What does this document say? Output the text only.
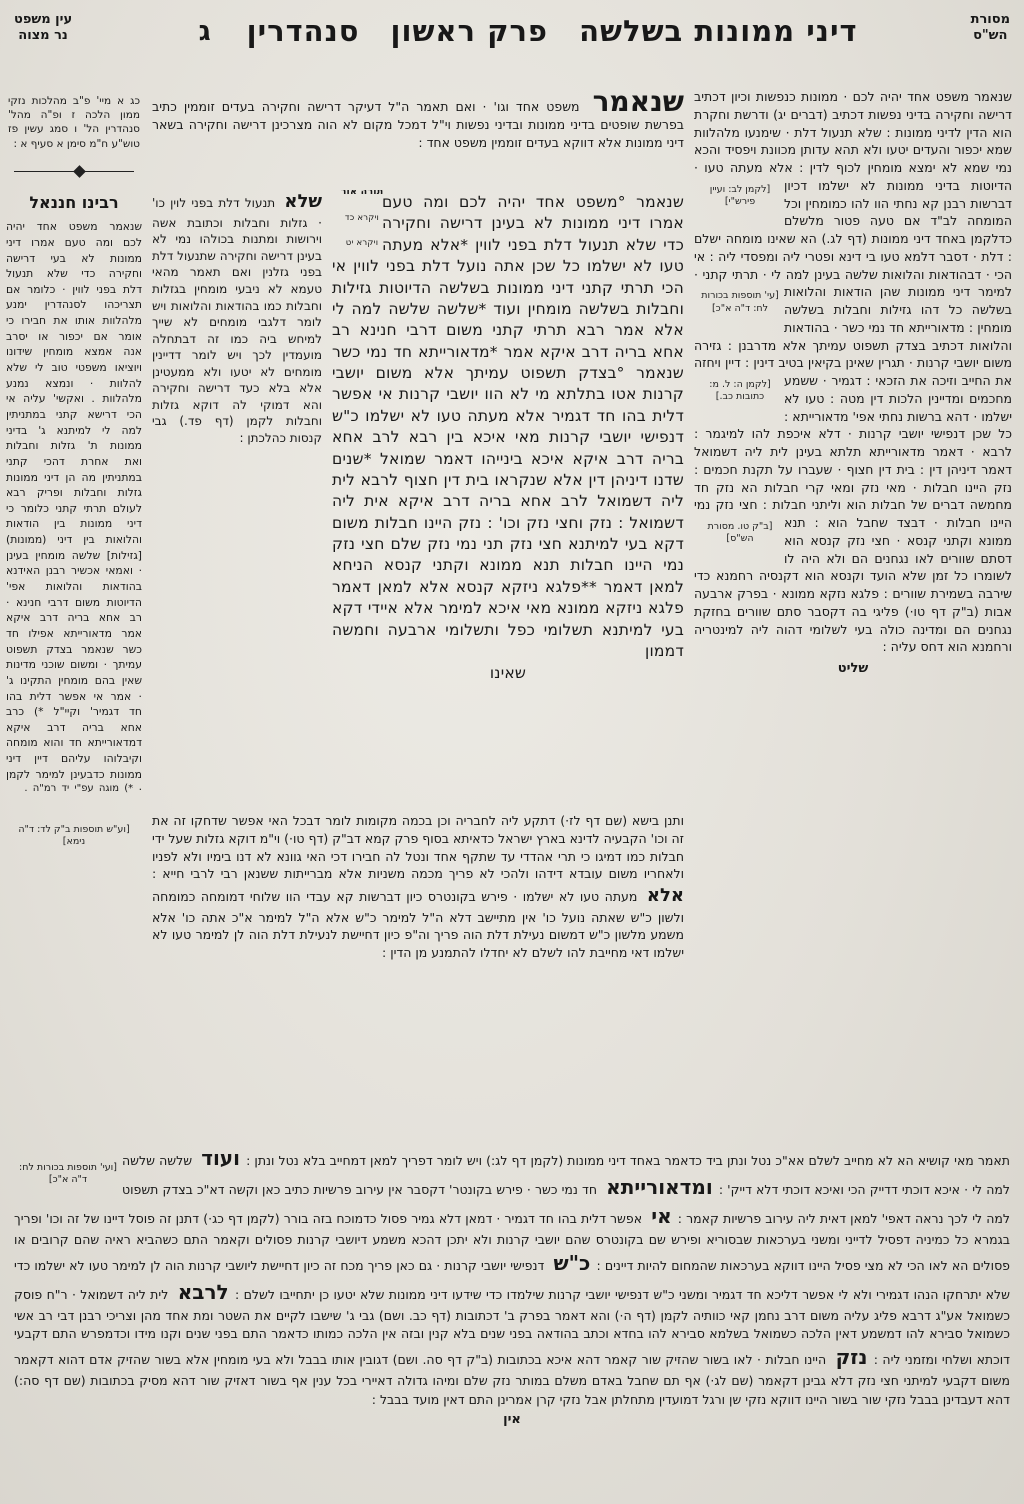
מסורת
הש"ס
דיני ממונות בשלשה פרק ראשון סנהדרין
ג
עין משפט
נר מצוה
שנאמר משפט אחד יהיה לכם · ממונות כנפשות וכיון דכתיב דרישה וחקירה בדיני נפשות דכתיב (דברים יג) ודרשת וחקרת הוא הדין לדיני ממונות : שלא תנעול דלת · שימנעו מלהלוות שמא יכפור והעדים יטעו ולא תהא עדותן מכוונת ויפסיד והכא נמי שמא לא ימצא מומחין לכוף לדין : אלא מעתה
[לקמן לב: ועיין פירש"י]
טעו · הדיוטות בדיני ממונות לא ישלמו דכיון דברשות רבנן קא נחתי הוו להו כמומחין וכל המומחה לב"ד אם טעה פטור מלשלם כדלקמן באחד דיני ממונות (דף לג.) הא שאינו מומחה ישלם : דלת · דסבר דלמא טעו בי דינא ופטרי ליה ומפסדי ליה : אי הכי · דבהודאות והלואות שלשה בעינן למה לי · תרתי קתני ·
[עי' תוספות בכורות לח: ד"ה א"כ]
למימר דיני ממונות שהן הודאות והלואות בשלשה כל דהו גזילות וחבלות בשלשה מומחין : מדאורייתא חד נמי כשר · בהודאות והלואות דכתיב בצדק תשפוט עמיתך אלא מדרבנן : גזירה משום יושבי קרנות · תגרין שאינן בקיאין בטיב דינין :
[לקמן ה: ל. מ: כתובות כב.]
דיין ויחזה את החייב וזיכה את הזכאי : דגמיר · ששמע מחכמים ומדיינין הלכות דין מטה : טעו לא ישלמו · דהא ברשות נחתי אפי' מדאורייתא : כל שכן דנפישי יושבי קרנות · דלא איכפת להו למיגמר : לרבא · דאמר מדאורייתא תלתא בעינן לית ליה דשמואל דאמר דיניהן דין : בית דין חצוף · שעברו על תקנת חכמים : נזק היינו חבלות · מאי נזק ומאי קרי חבלות הא נזק חד מחמשה דברים של חבלות הוא וליתני חבלות :
[ב"ק טו. מסורת הש"ס]
חצי נזק נמי היינו חבלות · דבצד שחבל הוא : תנא ממונא וקתני קנסא · חצי נזק קנסא הוא דסתם שוורים לאו נגחנים הם ולא היה לו לשומרו כל זמן שלא הועד וקנסא הוא דקנסיה רחמנא כדי שירבה בשמירת שוורים : פלגא נזקא ממונא · בפרק ארבעה אבות (ב"ק דף טו·) פליגי בה דקסבר סתם שוורים בחזקת נגחנים הם ומדינה כולה בעי לשלומי דהוה ליה למינטריה ורחמנא הוא דחס עליה :
שליט
שנאמר משפט אחד וגו' · ואם תאמר ה"ל דעיקר דרישה וחקירה בעדים זוממין כתיב בפרשת שופטים בדיני ממונות ובדיני נפשות וי"ל דמכל מקום לא הוה מצרכינן דרישה וחקירה בשאר דיני ממונות אלא דווקא בעדים זוממין משפט אחד :
תורה אור
ויקרא כד
ויקרא יט
שנאמר °משפט אחד יהיה לכם ומה טעם אמרו דיני ממונות לא בעינן דרישה וחקירה כדי שלא תנעול דלת בפני לווין *אלא מעתה טעו לא ישלמו כל שכן אתה נועל דלת בפני לווין אי הכי תרתי קתני דיני ממונות בשלשה הדיוטות גזילות וחבלות בשלשה מומחין ועוד *שלשה שלשה למה לי אלא אמר רבא תרתי קתני משום דרבי חנינא רב אחא בריה דרב איקא אמר *מדאורייתא חד נמי כשר שנאמר °בצדק תשפוט עמיתך אלא משום יושבי קרנות אטו בתלתא מי לא הוו יושבי קרנות אי אפשר דלית בהו חד דגמיר אלא מעתה טעו לא ישלמו כ"ש דנפישי יושבי קרנות מאי איכא בין רבא לרב אחא בריה דרב איקא איכא בינייהו דאמר שמואל *שנים שדנו דיניהן דין אלא שנקראו בית דין חצוף לרבא לית ליה דשמואל לרב אחא בריה דרב איקא אית ליה דשמואל : נזק וחצי נזק וכו' : נזק היינו חבלות משום דקא בעי למיתנא חצי נזק תני נמי נזק שלם חצי נזק נמי היינו חבלות תנא ממונא וקתני קנסא הניחא למאן דאמר **פלגא ניזקא קנסא אלא למאן דאמר פלגא ניזקא ממונא מאי איכא למימר אלא איידי דקא בעי למיתנא תשלומי כפל ותשלומי ארבעה וחמשה דממון
שאינו
שלא תנעול דלת בפני לוין כו' · גזלות וחבלות וכתובת אשה וירושות ומתנות בכולהו נמי לא בעינן דרישה וחקירה שתנעול דלת בפני גזלנין ואם תאמר מהאי טעמא לא ניבעי מומחין בגזלות וחבלות כמו בהודאות והלואות ויש לומר דלגבי מומחים לא שייך למיחש ביה כמו זה דבתחלה מועמדין לכך ויש לומר דדיינין מומחים לא יטעו ולא ממעטינן אלא בלא כעד דרישה וחקירה והא דמוקי לה דוקא גזלות וחבלות לקמן (דף פד.) גבי קנסות כהלכתן :
ותנן בישא (שם דף לז·) דתקע ליה לחבריה וכן בכמה מקומות לומר דבכל האי אפשר שדחקו זה את זה וכו' הקבעיה לדינא בארץ ישראל כדאיתא בסוף פרק קמא דב"ק (דף טו·) וי"מ דוקא גזלות שעל ידי חבלות כמו דמיגו כי תרי אהדדי עד שתקף אחד ונטל לה חבירו דכי האי גוונא לא דנו בימיו ולא לפניו ולאחריו משום עובדא דידהו ולהכי לא פריך מכמה משניות אלא מברייתות ששנאן רבי לרבי חייא : אלא מעתה טעו לא ישלמו · פירש בקונטרס כיון דברשות קא עבדי הוו שלוחי דמומחה כמומחה ולשון כ"ש שאתה נועל כו' אין מתיישב דלא ה"ל למימר כ"ש אלא ה"ל למימר א"כ אתה כו' אלא משמע מלשון כ"ש דמשום נעילת דלת הוה פריך וה"פ כיון דחיישת לנעילת דלת הוה לן למימר טעו לא ישלמו דאי מחייבת להו לשלם לא יחדלו להתמנע מן הדין :
כג א מיי' פ"ב מהלכות נזקי ממון הלכה ז ופ"ה מהל' סנהדרין הל' ו סמג עשין פז טוש"ע ח"מ סימן א סעיף א :
רבינו חננאל
שנאמר משפט אחד יהיה לכם ומה טעם אמרו דיני ממונות לא בעי דרישה וחקירה כדי שלא תנעול דלת בפני לווין · כלומר אם תצריכהו לסנהדרין ימנע מלהלוות אותו את חבירו כי אומר אם יכפור או יסרב אנה אמצא מומחין שידונו ויוציאו משפטי טוב לי שלא להלוות · ונמצא נמנע מלהלוות . ואקשי' עליה אי הכי דרישא קתני במתניתין למה לי למיתנא ג' בדיני ממונות ת' גזלות וחבלות ואת אחרת דהכי קתני במתניתין מה הן דיני ממונות גזלות וחבלות ופריק רבא לעולם תרתי קתני כלומר כי דיני ממונות בין הודאות והלואות בין דיני (ממונות) [גזילות] שלשה מומחין בעינן · ואמאי אכשיר רבנן האידנא בהודאות והלואות אפי' הדיוטות משום דרבי חנינא · רב אחא בריה דרב איקא אמר מדאורייתא אפילו חד כשר שנאמר בצדק תשפוט עמיתך · ומשום שוכני מדינות שאין בהם מומחין התקינו ג' · אמר אי אפשר דלית בהו חד דגמיר' וקיי"ל *) כרב אחא בריה דרב איקא דמדאורייתא חד והוא מומחה וקיבלוהו עליהם דיין דיני ממונות כדבעינן למימר לקמן · *) מוגה עפ"י יד רמ"ה .
[וע"ש תוספות ב"ק לד: ד"ה נימא]
[ועי' תוספות בכורות לח: ד"ה א"כ]
תאמר מאי קושיא הא לא מחייב לשלם אא"כ נטל ונתן ביד כדאמר באחד דיני ממונות (לקמן דף לג:) ויש לומר דפריך למאן דמחייב בלא נטל ונתן : ועוד שלשה שלשה למה לי · איכא דוכתי דדייק הכי ואיכא דוכתי דלא דייק' : ומדאורייתא חד נמי כשר · פירש בקונטר' דקסבר אין עירוב פרשיות כתיב כאן וקשה דא"כ בצדק תשפוט למה לי לכך נראה דאפי' למאן דאית ליה עירוב פרשיות קאמר : אי אפשר דלית בהו חד דגמיר · דמאן דלא גמיר פסול כדמוכח בזה בורר (לקמן דף כג·) דתנן זה פוסל דיינו של זה וכו' ופריך בגמרא כל כמיניה דפסיל לדייני ומשני בערכאות שבסוריא ופירש שם בקונטרס שהם יושבי קרנות ולא יתכן דהכא משמע דיושבי קרנות פסולים וקאמר התם כשהביא ראיה שהם קרובים או פסולים הא לאו הכי לא מצי פסיל היינו דווקא בערכאות שהמחום להיות דיינים : כ"ש דנפישי יושבי קרנות · גם כאן פריך מכח זה כיון דחיישת ליושבי קרנות הוה לן למימר טעו לא ישלמו כדי שלא יתרחקו הנהו דגמירי ולא לי אפשר דליכא חד דגמיר ומשני כ"ש דנפישי יושבי קרנות שילמדו כדי שידעו דיני ממונות שלא יטעו כן יתחייבו לשלם : לרבא לית ליה דשמואל · ר"ח פוסק כשמואל אע"ג דרבא פליג עליה משום דרב נחמן קאי כוותיה לקמן (דף ה·) והא דאמר בפרק ב' דכתובות (דף כב. ושם) גבי ג' שישבו לקיים את השטר ומת אחד מהן וצריכי רבנן דבי רב אשי כשמואל סבירא להו דמשמע דאין הלכה כשמואל בשלמא סבירא להו בחדא וכתב בהודאה בפני שנים בלא קנין ובזה אין הלכה כמותו כדאמר התם בפני שנים וקנו מידו וכדמפרש התם דקבעי דוכתא ושלחי ומזמני ליה : נזק היינו חבלות · לאו בשור שהזיק שור קאמר דהא איכא בכתובות (ב"ק דף סה. ושם) דגובין אותו בבבל ולא בעי מומחין אלא בשור שהזיק אדם דהוא דקאמר משום דקבעי למיתני חצי נזק דלא גבינן דקאמר (שם לג·) אף תם שחבל באדם משלם במותר נזק שלם ומיהו גדולה דאיירי בכל ענין אף בשור דאזיק שור דהא מסיק בכתובות (שם דף סה:) דהא דעבדינן בבבל נזקי שור בשור היינו דווקא נזקי שן ורגל דמועדין מתחלתן אבל נזקי קרן אמרינן התם דאין מועד בבבל :
אין
